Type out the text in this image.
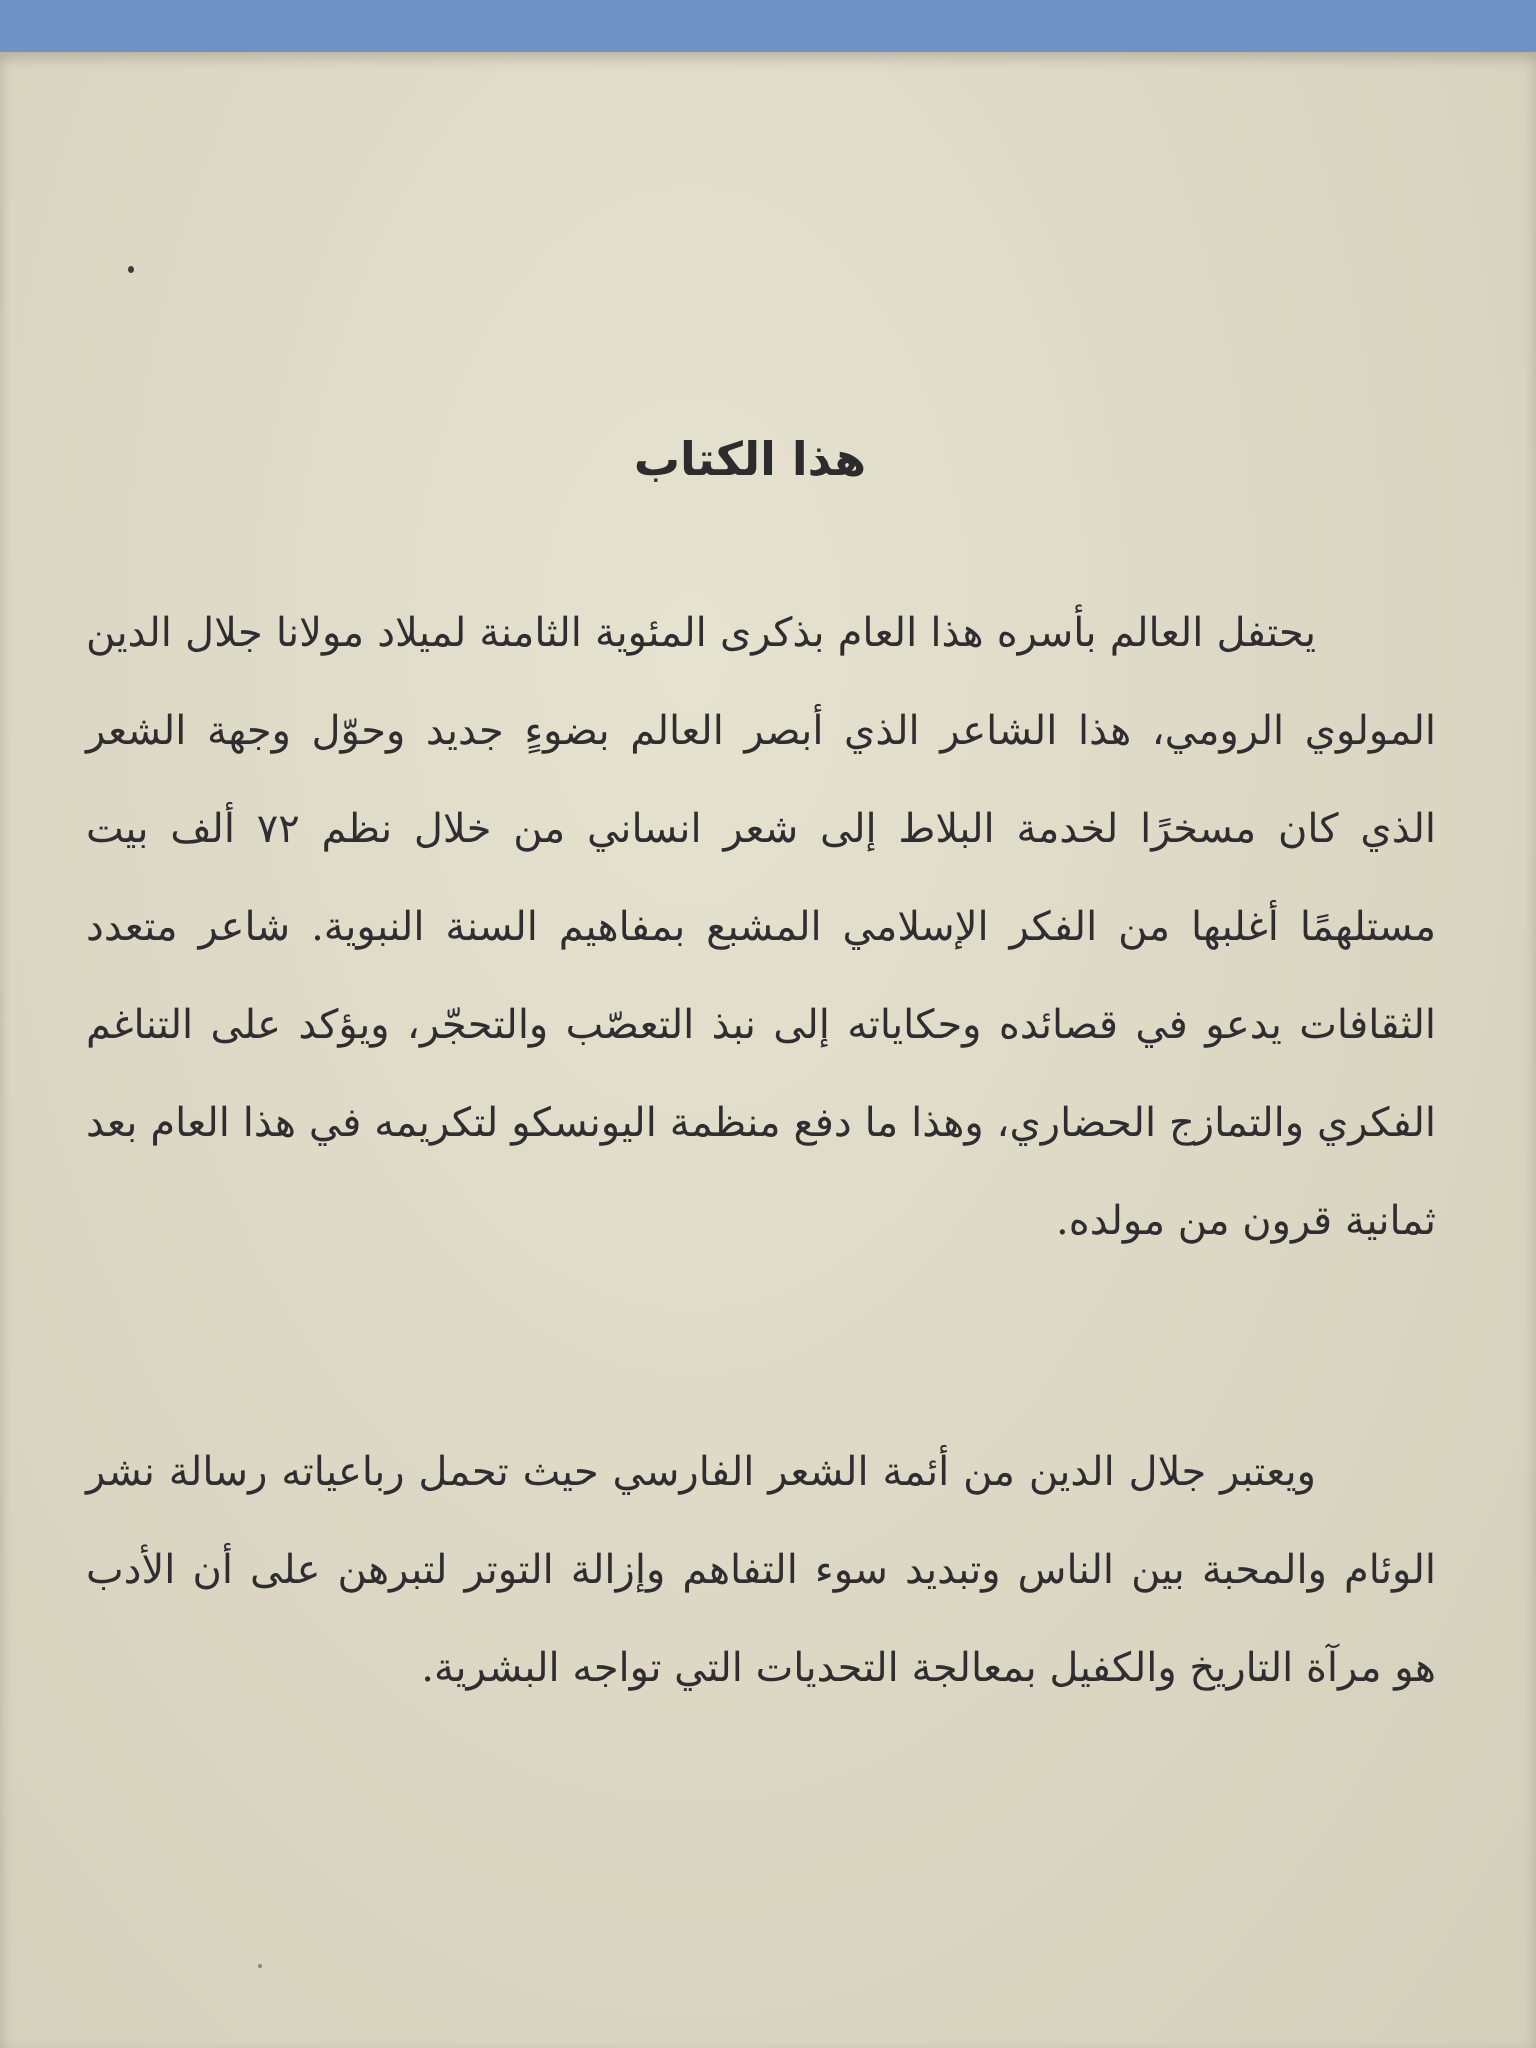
هذا الكتاب

يحتفل العالم بأسره هذا العام بذكرى المئوية الثامنة لميلاد مولانا جلال الدين المولوي الرومي، هذا الشاعر الذي أبصر العالم بضوءٍ جديد وحوّل وجهة الشعر الذي كان مسخرًا لخدمة البلاط إلى شعر انساني من خلال نظم ٧٢ ألف بيت مستلهمًا أغلبها من الفكر الإسلامي المشبع بمفاهيم السنة النبوية. شاعر متعدد الثقافات يدعو في قصائده وحكاياته إلى نبذ التعصّب والتحجّر، ويؤكد على التناغم الفكري والتمازج الحضاري، وهذا ما دفع منظمة اليونسكو لتكريمه في هذا العام بعد ثمانية قرون من مولده.

ويعتبر جلال الدين من أئمة الشعر الفارسي حيث تحمل رباعياته رسالة نشر الوئام والمحبة بين الناس وتبديد سوء التفاهم وإزالة التوتر لتبرهن على أن الأدب هو مرآة التاريخ والكفيل بمعالجة التحديات التي تواجه البشرية.
